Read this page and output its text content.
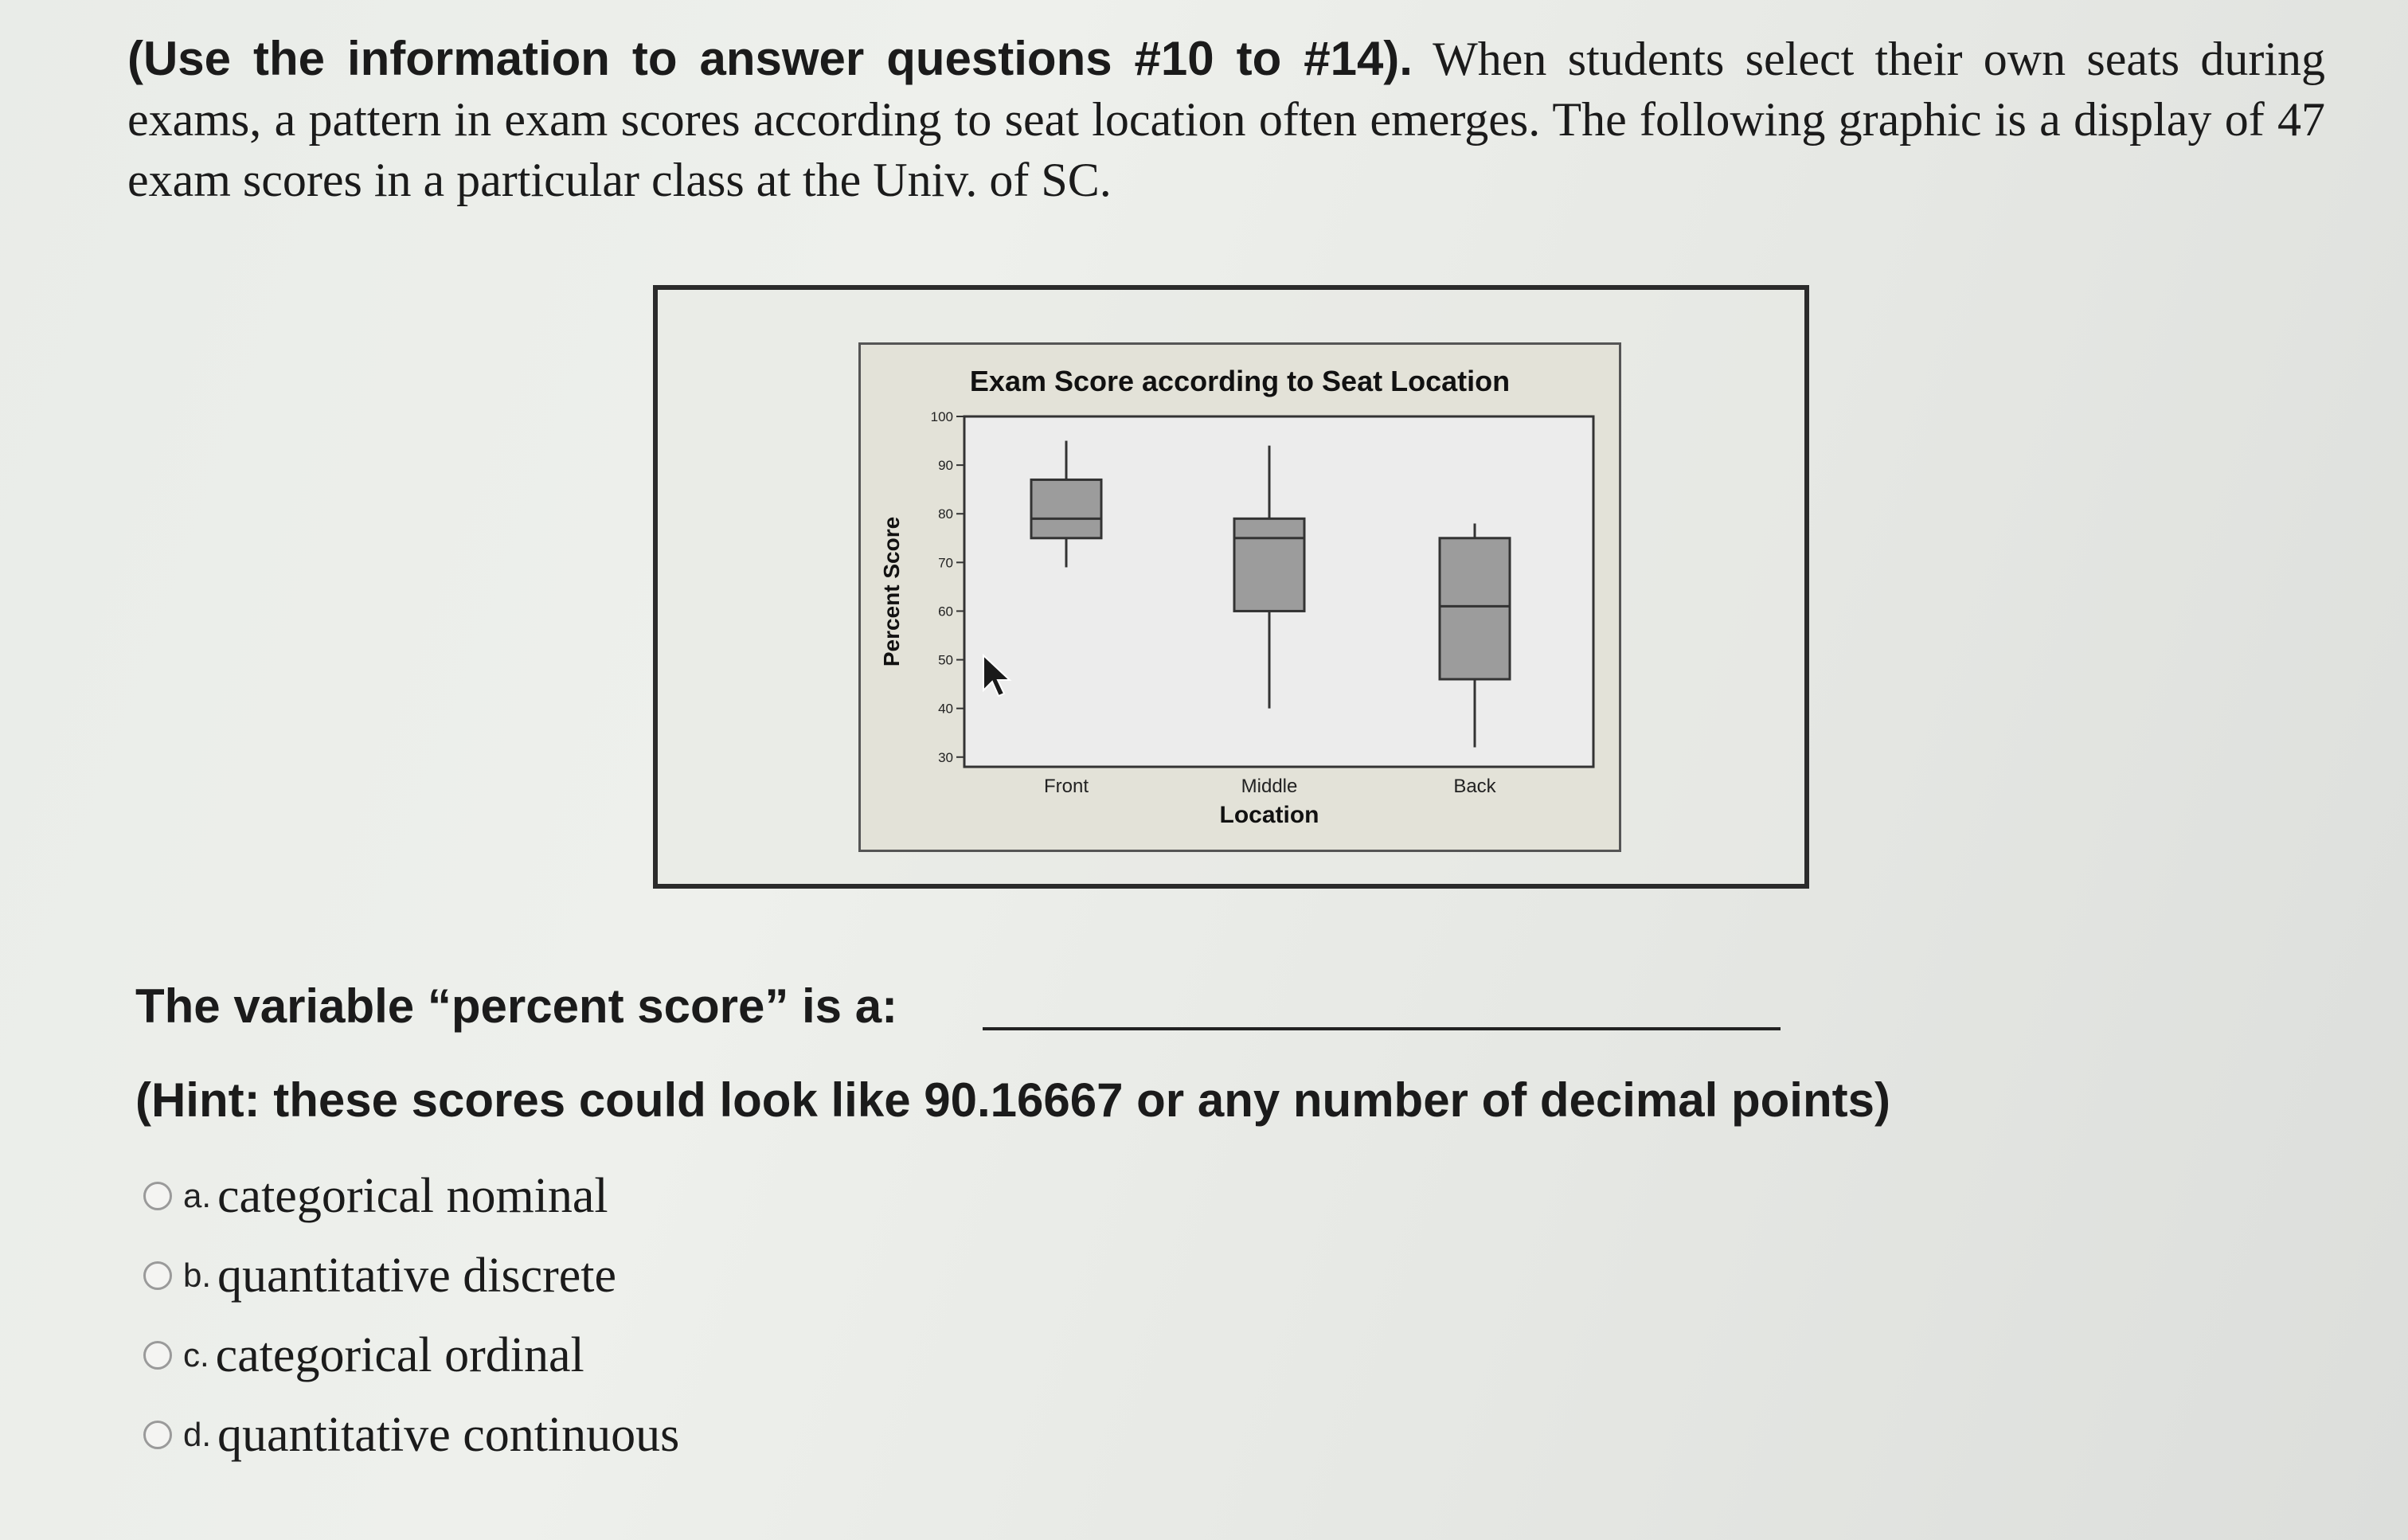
(Use the information to answer questions #10 to #14). When students select their own seats during exams, a pattern in exam scores according to seat location often emerges. The following graphic is a display of 47 exam scores in a particular class at the Univ. of SC.

Exam Score according to Seat Location
100
90
80
70
60
50
40
30
Front	Middle	Back
Percent Score
Location
The variable “percent score” is a:
(Hint: these scores could look like 90.16667 or any number of decimal points)
a. categorical nominal
b. quantitative discrete
c. categorical ordinal
d. quantitative continuous
